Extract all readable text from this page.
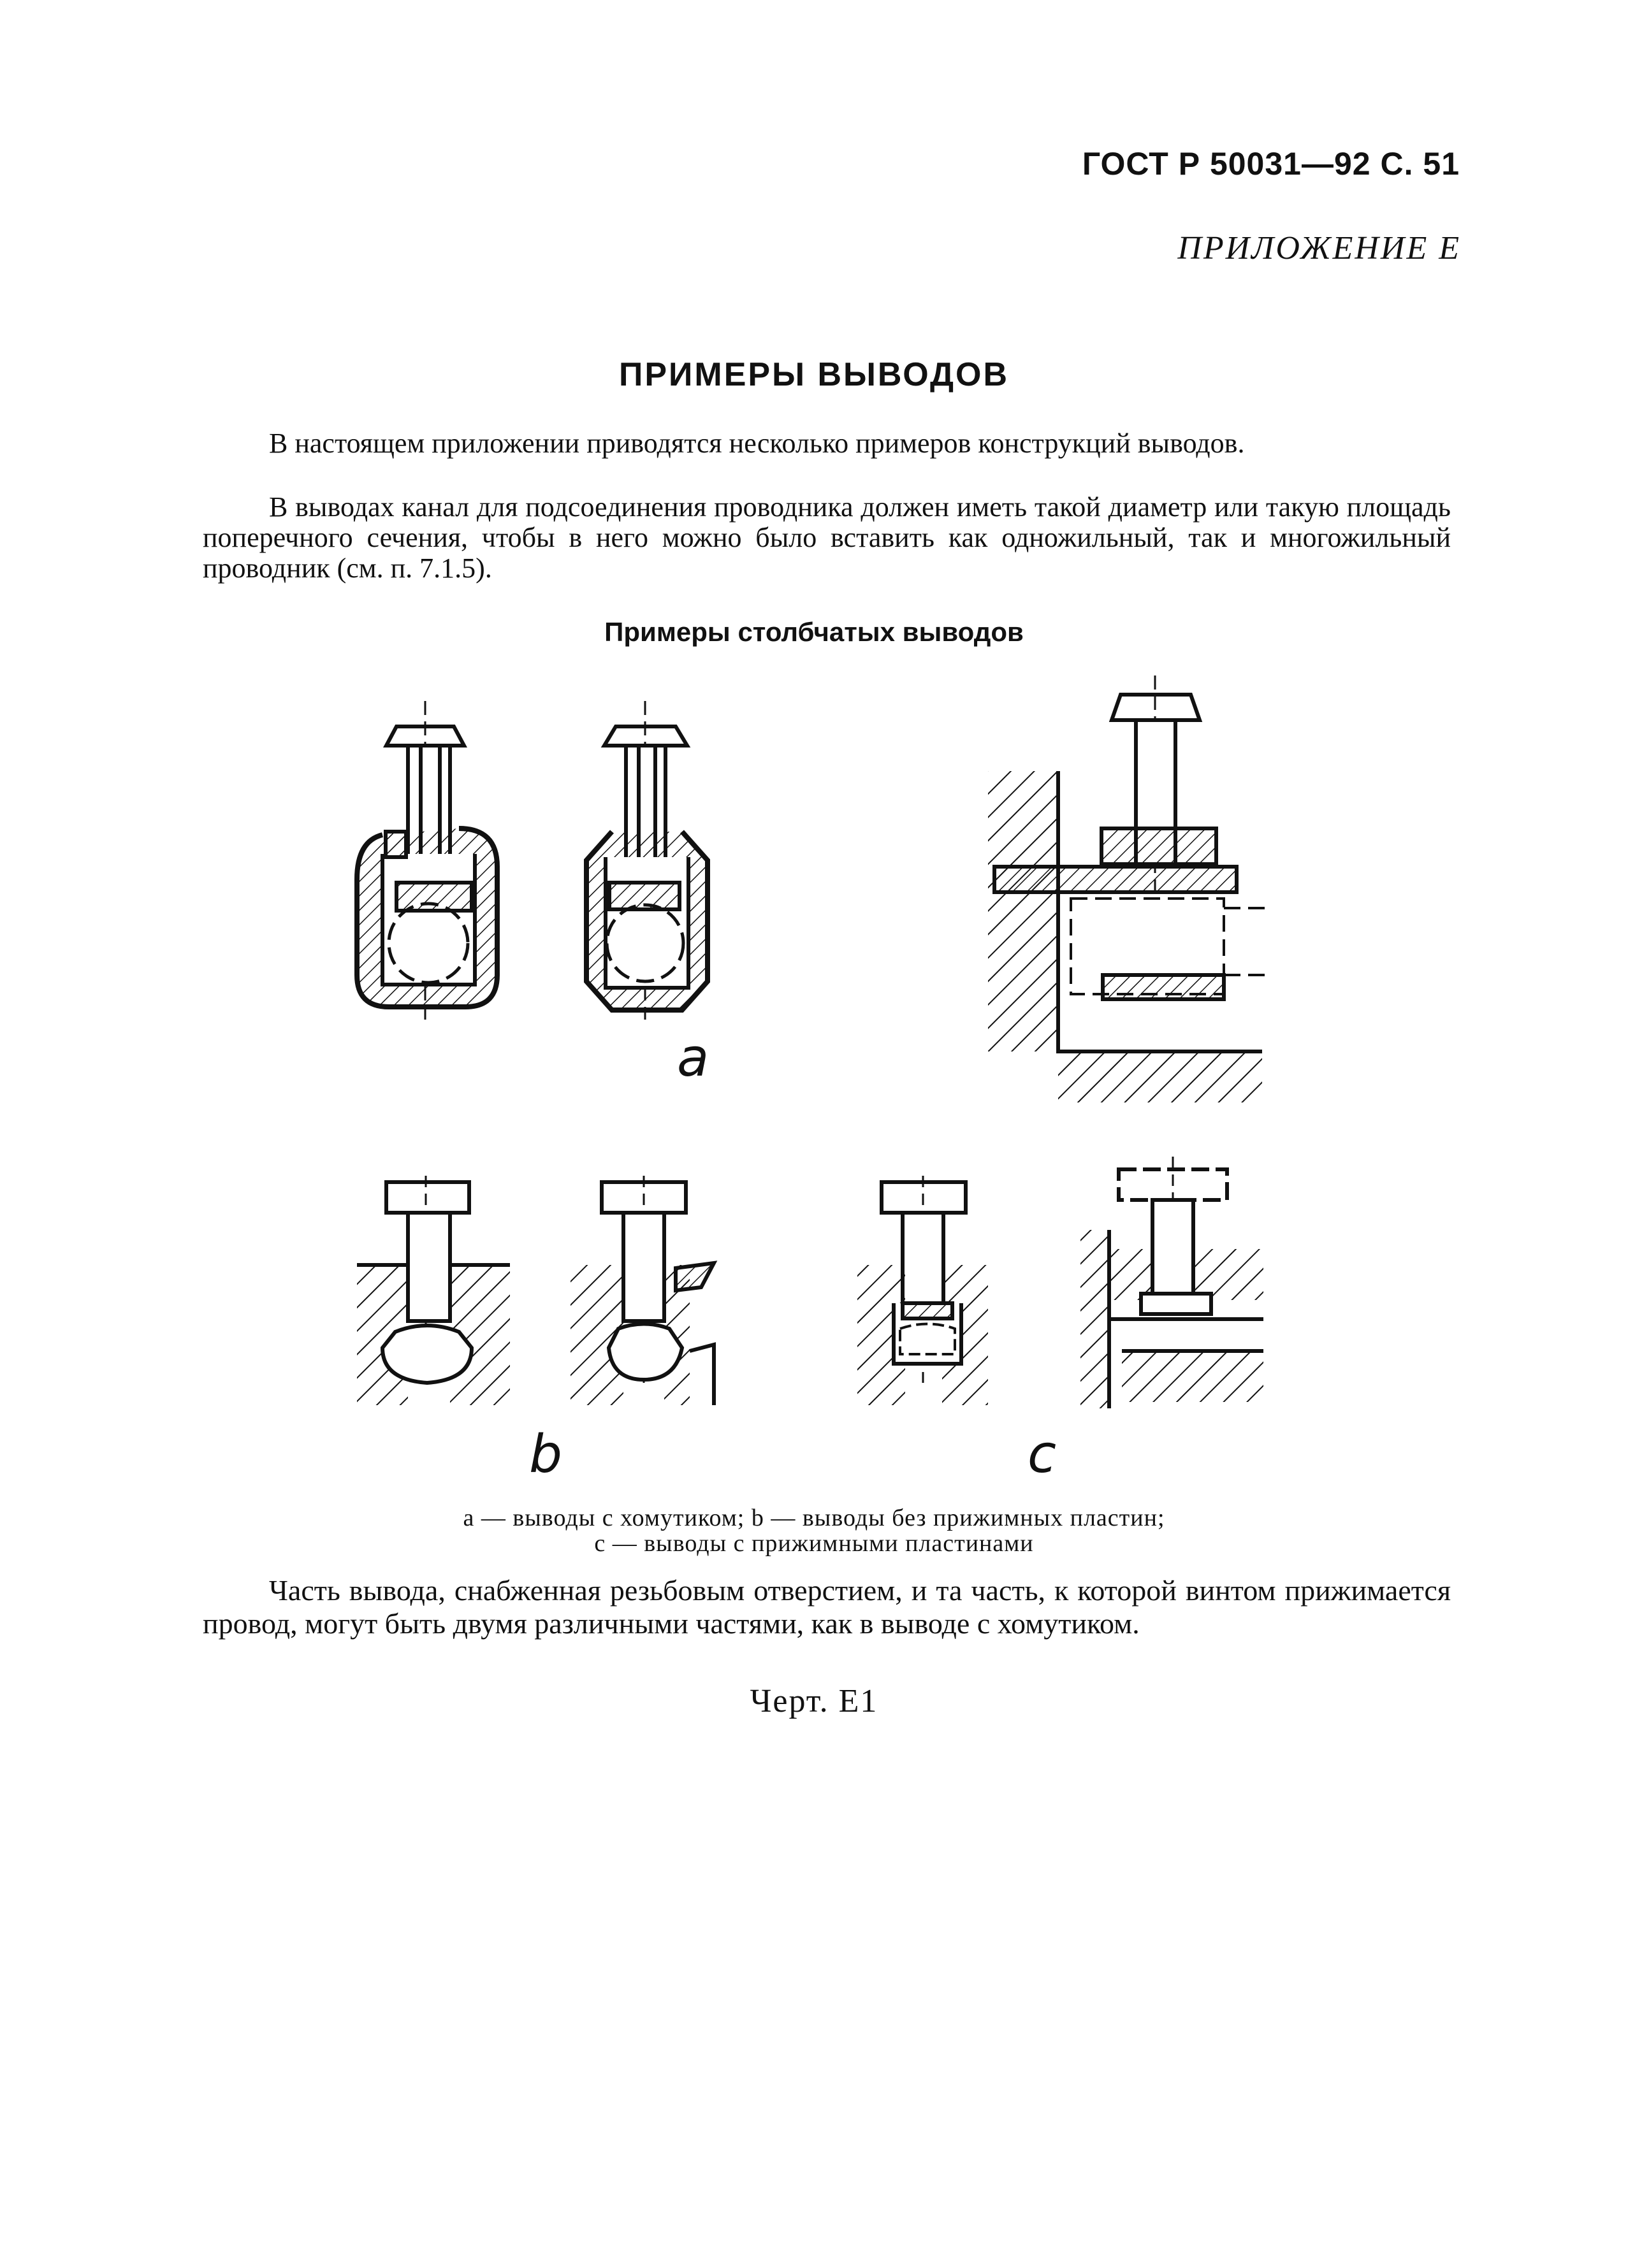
ГОСТ Р 50031—92 С. 51
ПРИЛОЖЕНИЕ Е
ПРИМЕРЫ ВЫВОДОВ
В настоящем приложении приводятся несколько примеров конструкций выводов.
В выводах канал для подсоединения проводника должен иметь такой диаметр или такую площадь поперечного сечения, чтобы в него можно было вставить как одножильный, так и многожильный проводник (см. п. 7.1.5).
Примеры столбчатых выводов
a
b	c
a — выводы с хомутиком; b — выводы без прижимных пластин;
c — выводы с прижимными пластинами
Часть вывода, снабженная резьбовым отверстием, и та часть, к которой винтом прижимается провод, могут быть двумя различными частями, как в выводе с хомутиком.
Черт. Е1
